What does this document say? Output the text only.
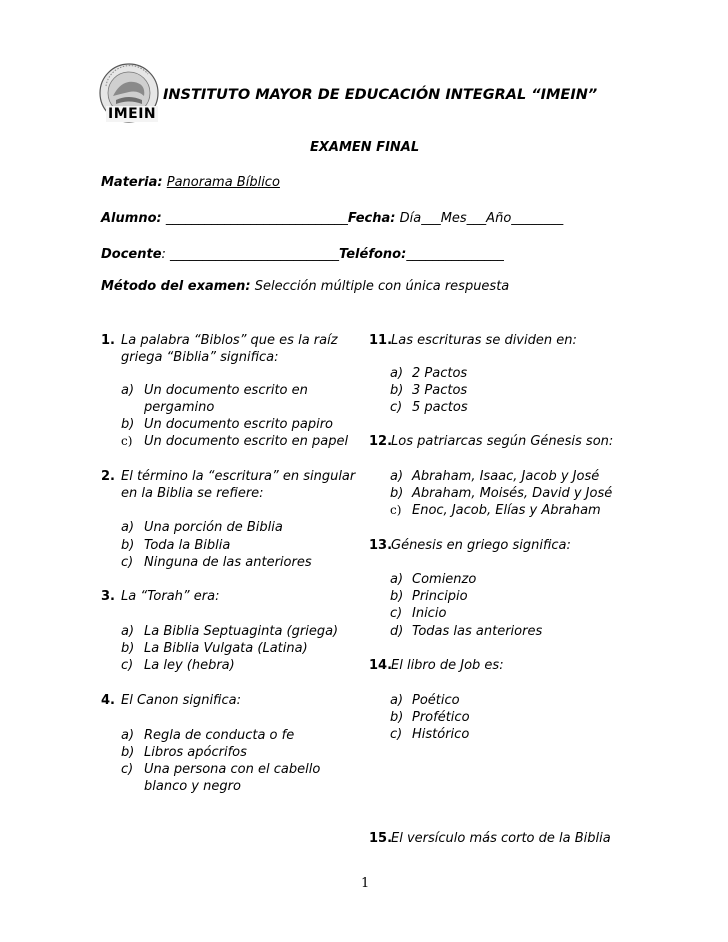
IMEIN
INSTITUTO MAYOR DE EDUCACIÓN INTEGRAL “IMEIN”
EXAMEN FINAL
Materia: Panorama Bíblico
Alumno: ____________________________Fecha: Día___Mes___Año________
Docente: __________________________Teléfono:_______________
Método del examen: Selección múltiple con única respuesta
1. La palabra “Biblos” que es la raíz
griega “Biblia” significa:
a) Un documento escrito en
pergamino
b) Un documento escrito papiro
c) Un documento escrito en papel
2. El término la “escritura” en singular
en la Biblia se refiere:
a) Una porción de Biblia
b) Toda la Biblia
c) Ninguna de las anteriores
3. La “Torah” era:
a) La Biblia Septuaginta (griega)
b) La Biblia Vulgata (Latina)
c) La ley (hebra)
4. El Canon significa:
a) Regla de conducta o fe
b) Libros apócrifos
c) Una persona con el cabello
blanco y negro
11.
Las escrituras se dividen en:
a) 2 Pactos
b) 3 Pactos
c) 5 pactos
12.
Los patriarcas según Génesis son:
a) Abraham, Isaac, Jacob y José
b) Abraham, Moisés, David y José
c) Enoc, Jacob, Elías y Abraham
13.
Génesis en griego significa:
a) Comienzo
b) Principio
c) Inicio
d) Todas las anteriores
14.
El libro de Job es:
a) Poético
b) Profético
c) Histórico
15.
El versículo más corto de la Biblia
1
